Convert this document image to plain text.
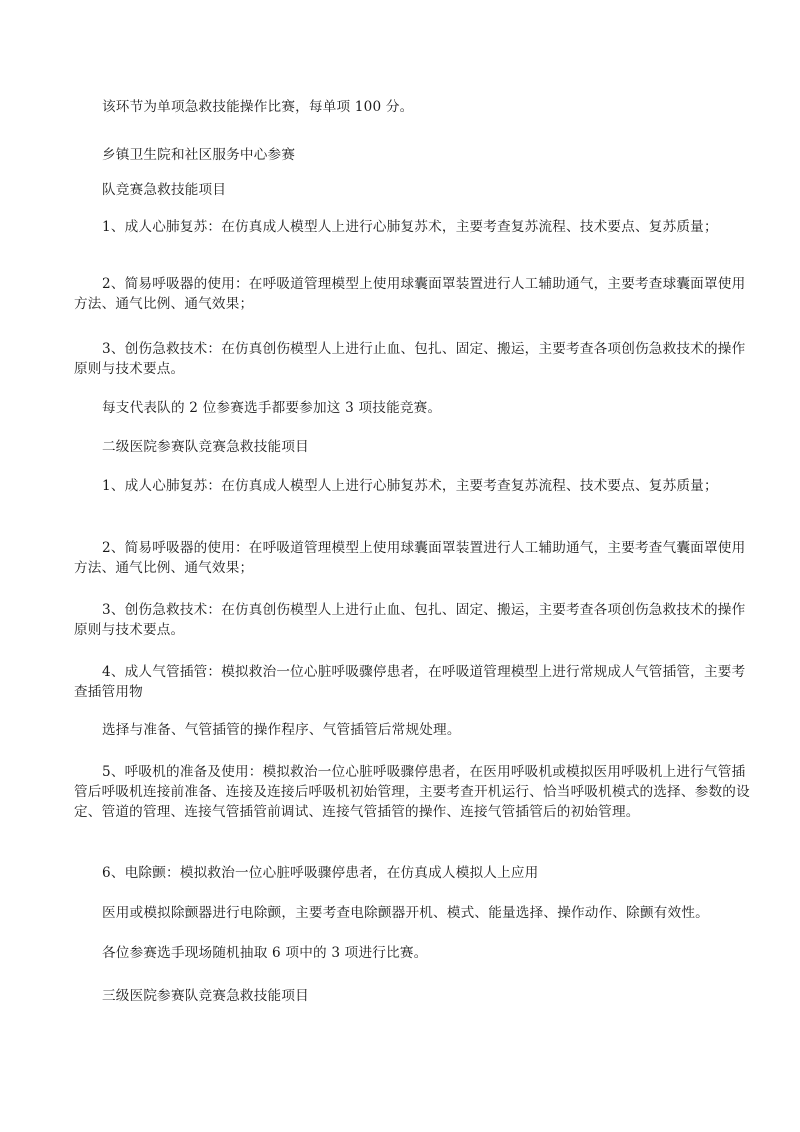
该环节为单项急救技能操作比赛，每单项 100 分。
乡镇卫生院和社区服务中心参赛
队竞赛急救技能项目
1、成人心肺复苏：在仿真成人模型人上进行心肺复苏术，主要考查复苏流程、技术要点、复苏质量；
2、简易呼吸器的使用：在呼吸道管理模型上使用球囊面罩装置进行人工辅助通气，主要考查球囊面罩使用方法、通气比例、通气效果；
3、创伤急救技术：在仿真创伤模型人上进行止血、包扎、固定、搬运，主要考查各项创伤急救技术的操作原则与技术要点。
每支代表队的 2 位参赛选手都要参加这 3 项技能竞赛。
二级医院参赛队竞赛急救技能项目
1、成人心肺复苏：在仿真成人模型人上进行心肺复苏术，主要考查复苏流程、技术要点、复苏质量；
2、简易呼吸器的使用：在呼吸道管理模型上使用球囊面罩装置进行人工辅助通气，主要考查气囊面罩使用方法、通气比例、通气效果；
3、创伤急救技术：在仿真创伤模型人上进行止血、包扎、固定、搬运，主要考查各项创伤急救技术的操作原则与技术要点。
4、成人气管插管：模拟救治一位心脏呼吸骤停患者，在呼吸道管理模型上进行常规成人气管插管，主要考查插管用物
选择与准备、气管插管的操作程序、气管插管后常规处理。
5、呼吸机的准备及使用：模拟救治一位心脏呼吸骤停患者，在医用呼吸机或模拟医用呼吸机上进行气管插管后呼吸机连接前准备、连接及连接后呼吸机初始管理，主要考查开机运行、恰当呼吸机模式的选择、参数的设定、管道的管理、连接气管插管前调试、连接气管插管的操作、连接气管插管后的初始管理。
6、电除颤：模拟救治一位心脏呼吸骤停患者，在仿真成人模拟人上应用
医用或模拟除颤器进行电除颤，主要考查电除颤器开机、模式、能量选择、操作动作、除颤有效性。
各位参赛选手现场随机抽取 6 项中的 3 项进行比赛。
三级医院参赛队竞赛急救技能项目
